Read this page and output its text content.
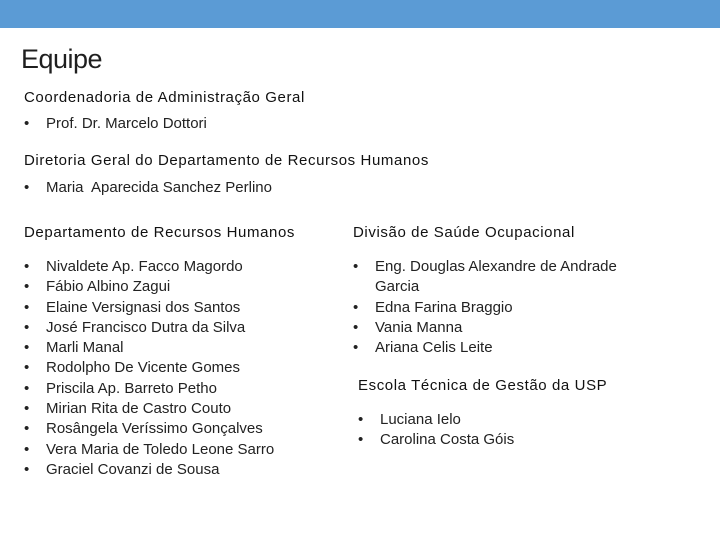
Equipe
Coordenadoria de Administração Geral
• Prof. Dr. Marcelo Dottori
Diretoria Geral do Departamento de Recursos Humanos
• Maria  Aparecida Sanchez Perlino
Departamento de Recursos Humanos
• Nivaldete Ap. Facco Magordo
• Fábio Albino Zagui
• Elaine Versignasi dos Santos
• José Francisco Dutra da Silva
• Marli Manal
• Rodolpho De Vicente Gomes
• Priscila Ap. Barreto Petho
• Mirian Rita de Castro Couto
• Rosângela Veríssimo Gonçalves
• Vera Maria de Toledo Leone Sarro
• Graciel Covanzi de Sousa
Divisão de Saúde Ocupacional
• Eng. Douglas Alexandre de Andrade Garcia
• Edna Farina Braggio
• Vania Manna
• Ariana Celis Leite
Escola Técnica de Gestão da USP
• Luciana Ielo
• Carolina Costa Góis
